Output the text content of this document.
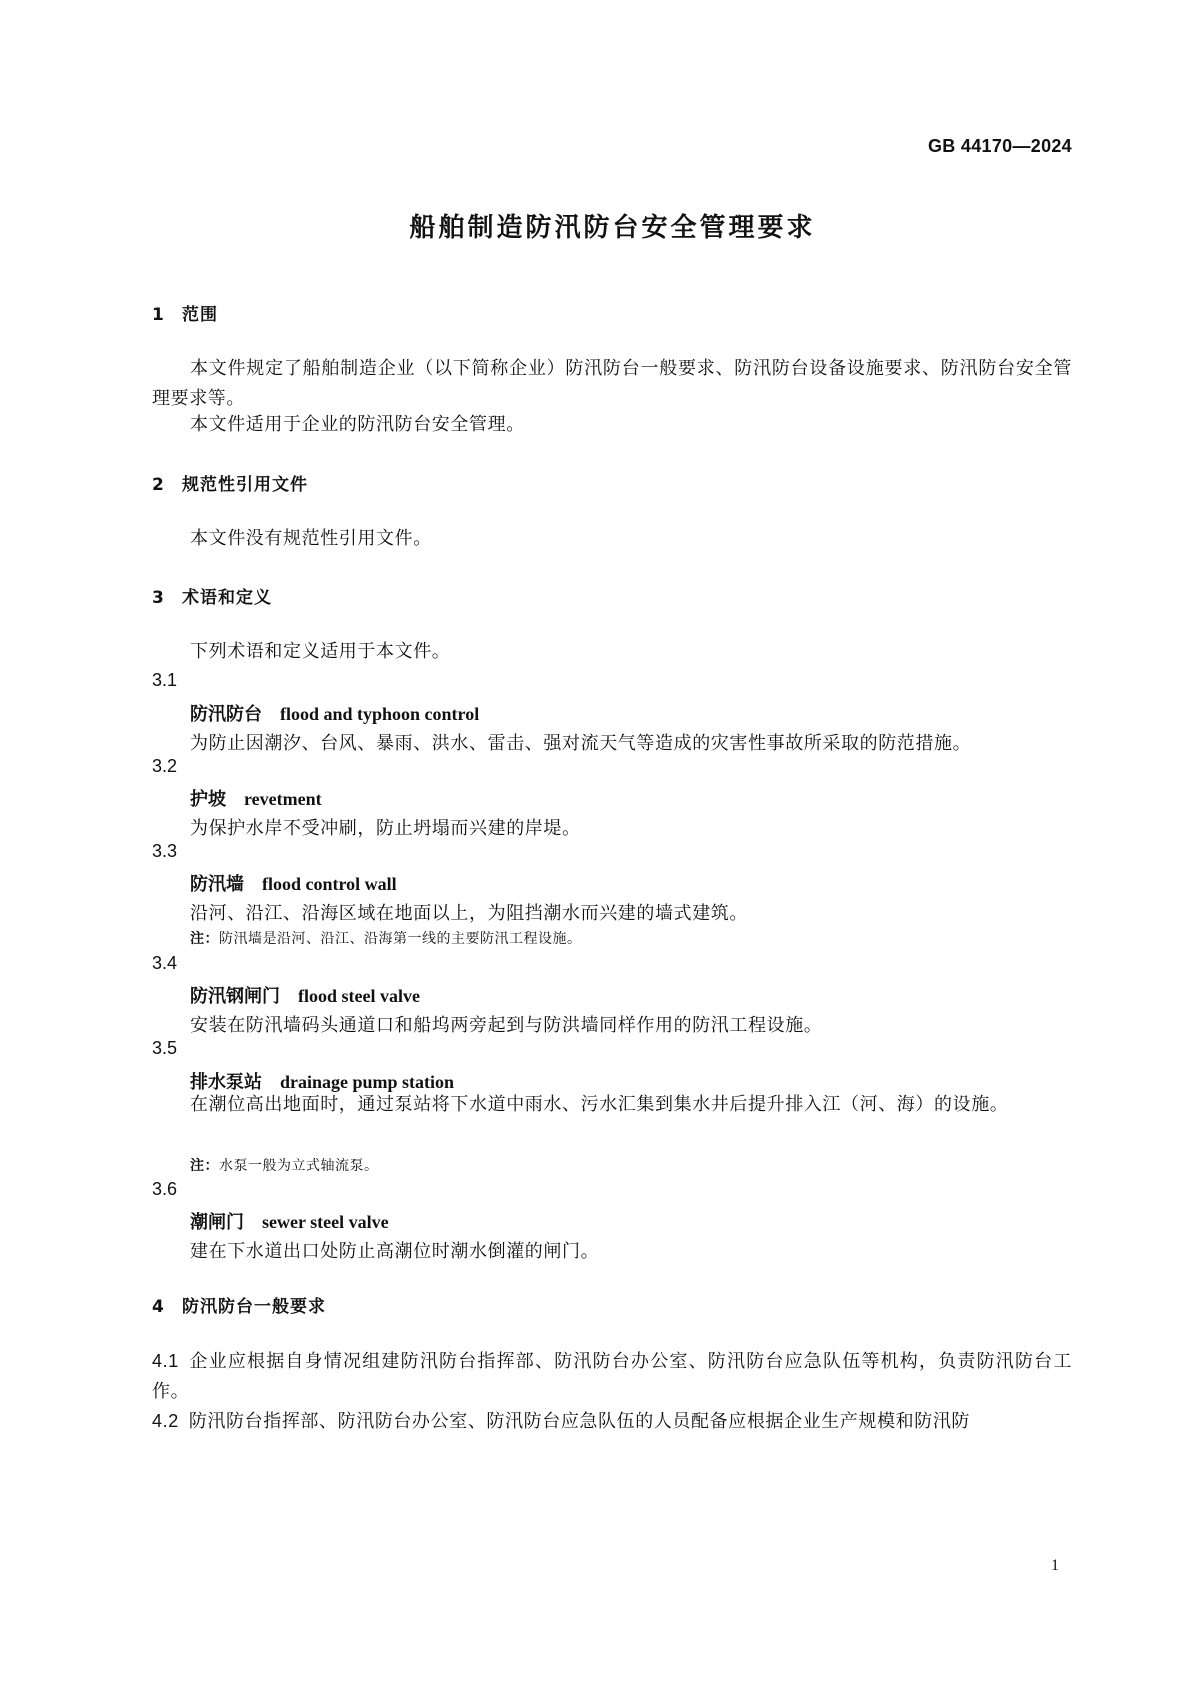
GB 44170—2024
船舶制造防汛防台安全管理要求
1 范围
本文件规定了船舶制造企业（以下简称企业）防汛防台一般要求、防汛防台设备设施要求、防汛防台安全管理要求等。
本文件适用于企业的防汛防台安全管理。
2 规范性引用文件
本文件没有规范性引用文件。
3 术语和定义
下列术语和定义适用于本文件。
3.1
防汛防台 flood and typhoon control
为防止因潮汐、台风、暴雨、洪水、雷击、强对流天气等造成的灾害性事故所采取的防范措施。
3.2
护坡 revetment
为保护水岸不受冲刷，防止坍塌而兴建的岸堤。
3.3
防汛墙 flood control wall
沿河、沿江、沿海区域在地面以上，为阻挡潮水而兴建的墙式建筑。
注：防汛墙是沿河、沿江、沿海第一线的主要防汛工程设施。
3.4
防汛钢闸门 flood steel valve
安装在防汛墙码头通道口和船坞两旁起到与防洪墙同样作用的防汛工程设施。
3.5
排水泵站 drainage pump station
在潮位高出地面时，通过泵站将下水道中雨水、污水汇集到集水井后提升排入江（河、海）的设施。
注：水泵一般为立式轴流泵。
3.6
潮闸门 sewer steel valve
建在下水道出口处防止高潮位时潮水倒灌的闸门。
4 防汛防台一般要求
4.1 企业应根据自身情况组建防汛防台指挥部、防汛防台办公室、防汛防台应急队伍等机构，负责防汛防台工作。
4.2 防汛防台指挥部、防汛防台办公室、防汛防台应急队伍的人员配备应根据企业生产规模和防汛防
1
